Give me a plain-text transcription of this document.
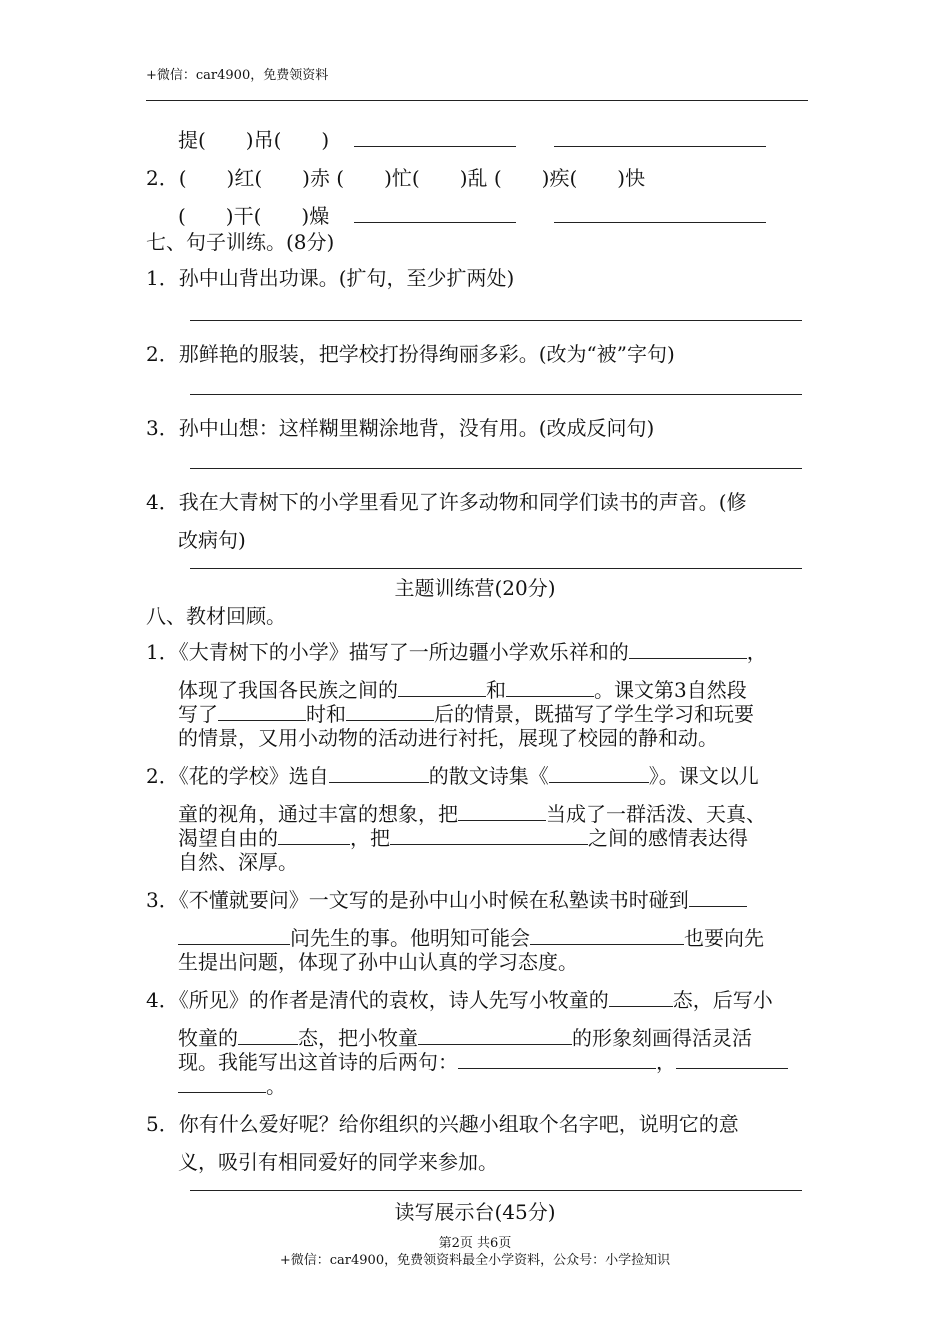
+微信：car4900，免费领资料
提(　　)吊(　　)
2．(　　)红(　　)赤 (　　)忙(　　)乱 (　　)疾(　　)快
(　　)干(　　)燥
七、句子训练。(8分)
1．孙中山背出功课。(扩句，至少扩两处)
2．那鲜艳的服装，把学校打扮得绚丽多彩。(改为“被”字句)
3．孙中山想：这样糊里糊涂地背，没有用。(改成反问句)
4．我在大青树下的小学里看见了许多动物和同学们读书的声音。(修
改病句)
主题训练营(20分)
八、教材回顾。
1．《大青树下的小学》描写了一所边疆小学欢乐祥和的	，
体现了我国各民族之间的	和	。课文第3自然段
写了	时和	后的情景，既描写了学生学习和玩要
的情景，又用小动物的活动进行衬托，展现了校园的静和动。
2．《花的学校》选自	的散文诗集《	》。课文以儿
童的视角，通过丰富的想象，把	当成了一群活泼、天真、
渴望自由的	，把	之间的感情表达得
自然、深厚。
3．《不懂就要问》一文写的是孙中山小时候在私塾读书时碰到
问先生的事。他明知可能会	也要向先
生提出问题，体现了孙中山认真的学习态度。
4．《所见》的作者是清代的袁枚，诗人先写小牧童的	态，后写小
牧童的	态，把小牧童	的形象刻画得活灵活
现。我能写出这首诗的后两句：	，
。
5．你有什么爱好呢？给你组织的兴趣小组取个名字吧，说明它的意
义，吸引有相同爱好的同学来参加。
读写展示台(45分)
第2页 共6页
+微信：car4900，免费领资料最全小学资料，公众号：小学捡知识
